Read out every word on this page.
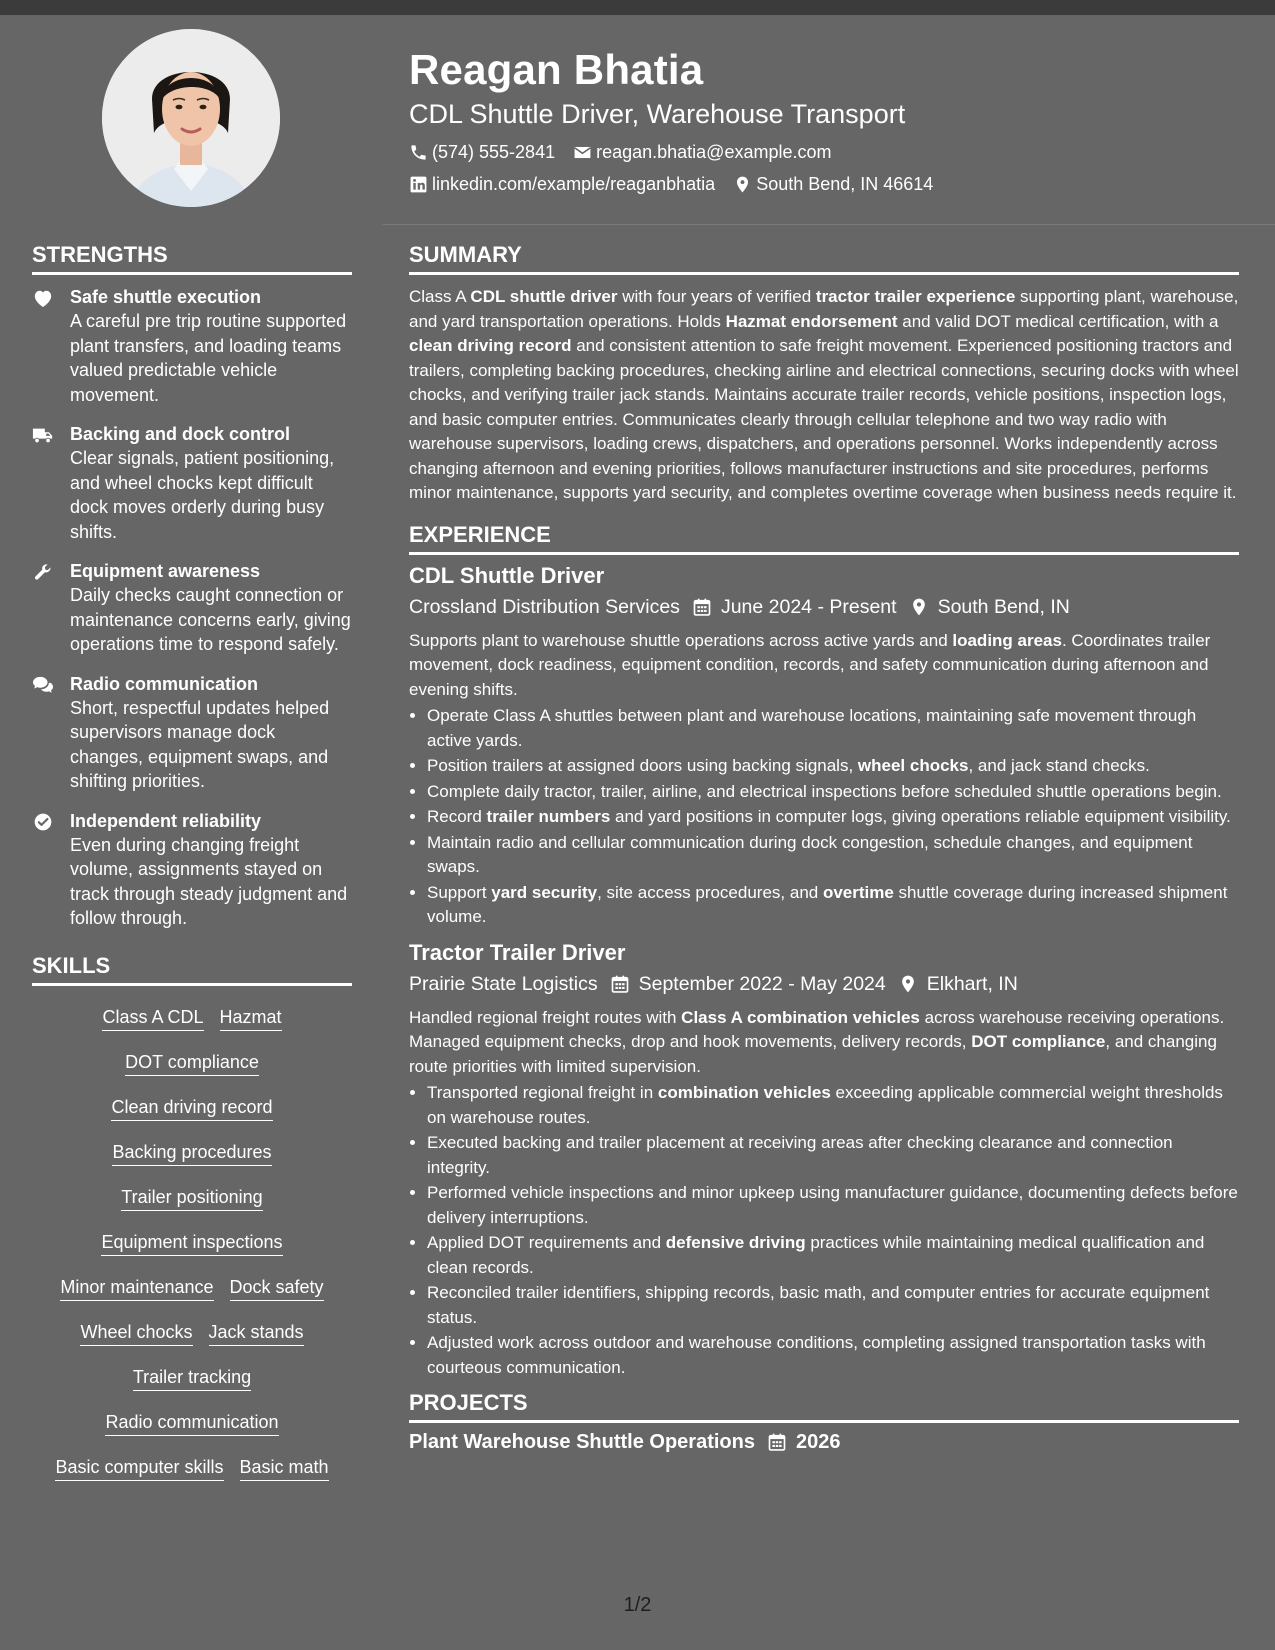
Reagan Bhatia
CDL Shuttle Driver, Warehouse Transport
(574) 555-2841 reagan.bhatia@example.com
linkedin.com/example/reaganbhatia South Bend, IN 46614
STRENGTHS
Safe shuttle execution
A careful pre trip routine supported plant transfers, and loading teams valued predictable vehicle movement.
Backing and dock control
Clear signals, patient positioning, and wheel chocks kept difficult dock moves orderly during busy shifts.
Equipment awareness
Daily checks caught connection or maintenance concerns early, giving operations time to respond safely.
Radio communication
Short, respectful updates helped supervisors manage dock changes, equipment swaps, and shifting priorities.
Independent reliability
Even during changing freight volume, assignments stayed on track through steady judgment and follow through.
SKILLS
Class A CDL Hazmat
DOT compliance
Clean driving record
Backing procedures
Trailer positioning
Equipment inspections
Minor maintenance Dock safety
Wheel chocks Jack stands
Trailer tracking
Radio communication
Basic computer skills Basic math
SUMMARY

Class A CDL shuttle driver with four years of verified tractor trailer experience supporting plant, warehouse, and yard transportation operations. Holds Hazmat endorsement and valid DOT medical certification, with a clean driving record and consistent attention to safe freight movement. Experienced positioning tractors and trailers, completing backing procedures, checking airline and electrical connections, securing docks with wheel chocks, and verifying trailer jack stands. Maintains accurate trailer records, vehicle positions, inspection logs, and basic computer entries. Communicates clearly through cellular telephone and two way radio with warehouse supervisors, loading crews, dispatchers, and operations personnel. Works independently across changing afternoon and evening priorities, follows manufacturer instructions and site procedures, performs minor maintenance, supports yard security, and completes overtime coverage when business needs require it.

EXPERIENCE
CDL Shuttle Driver
Crossland Distribution Services June 2024 - Present South Bend, IN

Supports plant to warehouse shuttle operations across active yards and loading areas. Coordinates trailer movement, dock readiness, equipment condition, records, and safety communication during afternoon and evening shifts.

• Operate Class A shuttles between plant and warehouse locations, maintaining safe movement through active yards.
• Position trailers at assigned doors using backing signals, wheel chocks, and jack stand checks.
• Complete daily tractor, trailer, airline, and electrical inspections before scheduled shuttle operations begin.
• Record trailer numbers and yard positions in computer logs, giving operations reliable equipment visibility.
• Maintain radio and cellular communication during dock congestion, schedule changes, and equipment swaps.
• Support yard security, site access procedures, and overtime shuttle coverage during increased shipment volume.
Tractor Trailer Driver
Prairie State Logistics September 2022 - May 2024 Elkhart, IN

Handled regional freight routes with Class A combination vehicles across warehouse receiving operations. Managed equipment checks, drop and hook movements, delivery records, DOT compliance, and changing route priorities with limited supervision.

• Transported regional freight in combination vehicles exceeding applicable commercial weight thresholds on warehouse routes.
• Executed backing and trailer placement at receiving areas after checking clearance and connection integrity.
• Performed vehicle inspections and minor upkeep using manufacturer guidance, documenting defects before delivery interruptions.
• Applied DOT requirements and defensive driving practices while maintaining medical qualification and clean records.
• Reconciled trailer identifiers, shipping records, basic math, and computer entries for accurate equipment status.
• Adjusted work across outdoor and warehouse conditions, completing assigned transportation tasks with courteous communication.
PROJECTS
Plant Warehouse Shuttle Operations 2026
1/2
